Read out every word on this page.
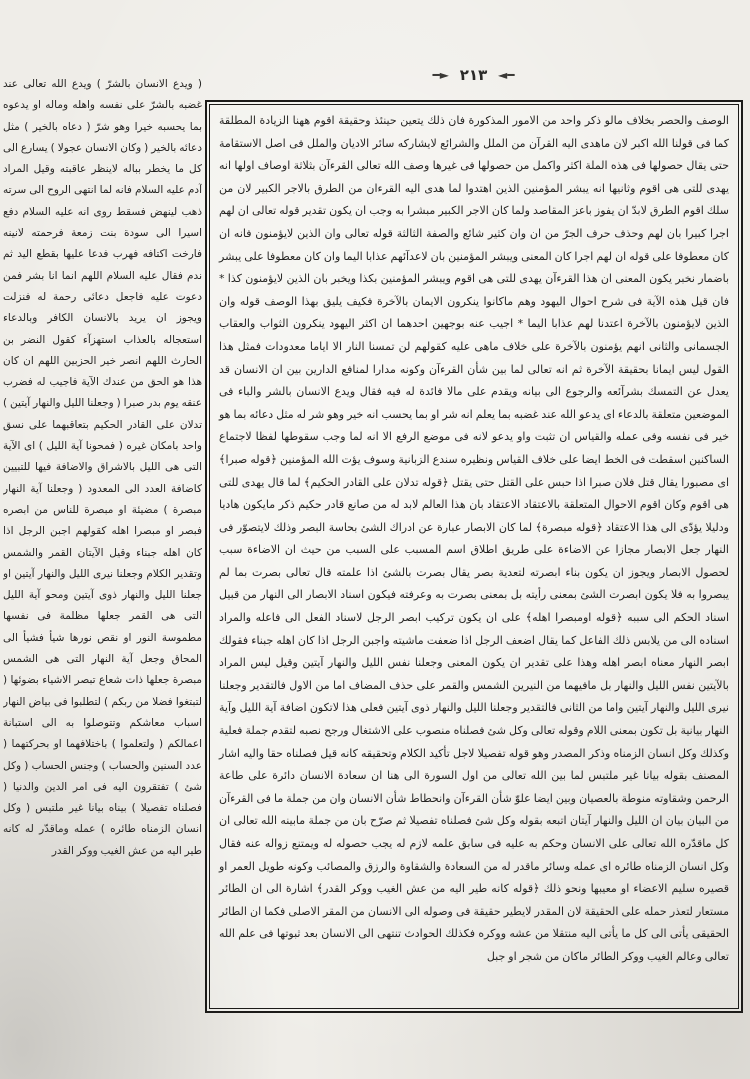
━◄ ٢١٣ ►━
الوصف والحصر بخلاف مالو ذكر واحد من الامور المذكورة فان ذلك يتعين حينئذ وحقيقة اقوم ههنا الزيادة المطلقة كما فى قولنا الله اكبر لان ماهدى اليه القرآن من الملل والشرائع لايشاركه سائر الاديان والملل فى اصل الاستقامة حتى يقال حصولها فى هذه الملة اكثر واكمل من حصولها فى غيرها وصف الله تعالى القرءآن بثلاثة اوصاف اولها انه يهدى للتى هى اقوم وثانيها انه يبشر المؤمنين الذين اهتدوا لما هدى اليه القرءان من الطرق بالاجر الكبير لان من سلك اقوم الطرق لابدّ ان يفوز باعز المقاصد ولما كان الاجر الكبير مبشرا به وجب ان يكون تقدير قوله تعالى ان لهم اجرا كبيرا بان لهم وحذف حرف الجرّ من ان وان كثير شائع والصفة الثالثة قوله تعالى وان الذين لايؤمنون فانه ان كان معطوفا على قوله ان لهم اجرا كان المعنى ويبشر المؤمنين بان لاعدآئهم عذابا اليما وان كان معطوفا على يبشر باضمار نخبر يكون المعنى ان هذا القرءآن يهدى للتى هى اقوم ويبشر المؤمنين بكذا ويخبر بان الذين لايؤمنون كذا * فان قيل هذه الآية فى شرح احوال اليهود وهم ماكانوا ينكرون الايمان بالآخرة فكيف يليق بهذا الوصف قوله وان الذين لايؤمنون بالآخرة اعتدنا لهم عذابا اليما * اجيب عنه بوجهين احدهما ان اكثر اليهود ينكرون الثواب والعقاب الجسمانى والثانى انهم يؤمنون بالآخرة على خلاف ماهى عليه كقولهم لن تمسنا النار الا اياما معدودات فمثل هذا القول ليس ايمانا بحقيقة الآخرة ثم انه تعالى لما بين شأن القرءآن وكونه مدارا لمنافع الدارين بين ان الانسان قد يعدل عن التمسك بشرآئعه والرجوع الى بيانه ويقدم على مالا فائدة له فيه فقال ويدع الانسان بالشر والباء فى الموضعين متعلقة بالدعاء اى يدعو الله عند غضبه بما يعلم انه شر او بما يحسب انه خير وهو شر له مثل دعائه بما هو خير فى نفسه وفى عمله والقياس ان تثبت واو يدعو لانه فى موضع الرفع الا انه لما وجب سقوطها لفظا لاجتماع الساكنين اسقطت فى الخط ايضا على خلاف القياس ونظيره سندع الزبانية وسوف يؤت الله المؤمنين ﴿قوله صبرا﴾ اى مصبورا يقال قتل فلان صبرا اذا حبس على القتل حتى يقتل ﴿قوله تدلان على القادر الحكيم﴾ لما قال يهدى للتى هى اقوم وكان اقوم الاحوال المتعلقة بالاعتقاد الاعتقاد بان هذا العالم لابد له من صانع قادر حكيم ذكر مايكون هاديا ودليلا يؤدّى الى هذا الاعتقاد ﴿قوله مبصرة﴾ لما كان الابصار عبارة عن ادراك الشئ بحاسة البصر وذلك لايتصوّر فى النهار جعل الابصار مجازا عن الاضاءة على طريق اطلاق اسم المسبب على السبب من حيث ان الاضاءة سبب لحصول الابصار ويجوز ان يكون بناء ابصرته لتعدية بصر يقال بصرت بالشئ اذا علمته قال تعالى بصرت بما لم يبصروا به فلا يكون ابصرت الشئ بمعنى رأيته بل بمعنى بصرت به وعرفته فيكون اسناد الابصار الى النهار من قبيل اسناد الحكم الى سببه ﴿قوله اومبصرا اهله﴾ على ان يكون تركيب ابصر الرجل لاسناد الفعل الى فاعله والمراد اسناده الى من يلابس ذلك الفاعل كما يقال اضعف الرجل اذا ضعفت ماشيته واجبن الرجل اذا كان اهله جبناء فقولك ابصر النهار معناه ابصر اهله وهذا على تقدير ان يكون المعنى وجعلنا نفس الليل والنهار آيتين وقيل ليس المراد بالآيتين نفس الليل والنهار بل مافيهما من النيرين الشمس والقمر على حذف المضاف اما من الاول فالتقدير وجعلنا نيرى الليل والنهار آيتين واما من الثانى فالتقدير وجعلنا الليل والنهار ذوى آيتين فعلى هذا لاتكون اضافة آية الليل وآية النهار بيانية بل تكون بمعنى اللام وقوله تعالى وكل شئ فصلناه منصوب على الاشتغال ورجح نصبه لتقدم جملة فعلية وكذلك وكل انسان الزمناه وذكر المصدر وهو قوله تفصيلا لاجل تأكيد الكلام وتحقيقه كانه قيل فصلناه حقا واليه اشار المصنف بقوله بيانا غير ملتبس لما بين الله تعالى من اول السورة الى هنا ان سعادة الانسان دائرة على طاعة الرحمن وشقاوته منوطة بالعصيان وبين ايضا علوّ شأن القرءآن وانحطاط شأن الانسان وان من جملة ما فى القرءآن من البيان بيان ان الليل والنهار آيتان اتبعه بقوله وكل شئ فصلناه تفصيلا ثم صرّح بان من جملة مابينه الله تعالى ان كل ماقدّره الله تعالى على الانسان وحكم به عليه فى سابق علمه لازم له يجب حصوله له ويمتنع زواله عنه فقال وكل انسان الزمناه طائره اى عمله وسائر ماقدر له من السعادة والشقاوة والرزق والمصائب وكونه طويل العمر او قصيره سليم الاعضاء او معيبها ونحو ذلك ﴿قوله كانه طير اليه من عش الغيب ووكر القدر﴾ اشارة الى ان الطائر مستعار لتعذر حمله على الحقيقة لان المقدر لايطير حقيقة فى وصوله الى الانسان من المقر الاصلى فكما ان الطائر الحقيقى يأتى الى كل ما يأتى اليه منتقلا من عشه ووكره فكذلك الحوادث تنتهى الى الانسان بعد ثبوتها فى علم الله تعالى وعالم الغيب ووكر الطائر ماكان من شجر او جبل
( ويدع الانسان بالشرّ ) ويدع الله تعالى عند غضبه بالشرّ على نفسه واهله وماله او يدعوه بما يحسبه خيرا وهو شرّ ( دعاه بالخير ) مثل دعائه بالخير ( وكان الانسان عجولا ) يسارع الى كل ما يخطر بباله لاينظر عاقبته وقيل المراد آدم عليه السلام فانه لما انتهى الروح الى سرته ذهب لينهض فسقط روى انه عليه السلام دفع اسيرا الى سودة بنت زمعة فرحمته لانينه فارخت اكتافه فهرب فدعا عليها بقطع اليد ثم ندم فقال عليه السلام اللهم انما انا بشر فمن دعوت عليه فاجعل دعائى رحمة له فنزلت ويجوز ان يريد بالانسان الكافر وبالدعاء استعجاله بالعذاب استهزآء كقول النضر بن الحارث اللهم انصر خير الحزبين اللهم ان كان هذا هو الحق من عندك الآية فاجيب له فضرب عنقه يوم بدر صبرا ( وجعلنا الليل والنهار آيتين ) تدلان على القادر الحكيم بتعاقبهما على نسق واحد بامكان غيره ( فمحونا آية الليل ) اى الآية التى هى الليل بالاشراق والاضافة فيها للتبيين كاضافة العدد الى المعدود ( وجعلنا آية النهار مبصرة ) مضيئة او مبصرة للناس من ابصره فبصر او مبصرا اهله كقولهم اجبن الرجل اذا كان اهله جبناء وقيل الآيتان القمر والشمس وتقدير الكلام وجعلنا نيرى الليل والنهار آيتين او جعلنا الليل والنهار ذوى آيتين ومحو آية الليل التى هى القمر جعلها مظلمة فى نفسها مطموسة النور او نقص نورها شيأ فشيأ الى المحاق وجعل آية النهار التى هى الشمس مبصرة جعلها ذات شعاع تبصر الاشياء بضوئها ( لتبتغوا فضلا من ربكم ) لتطلبوا فى بياض النهار اسباب معاشكم وتتوصلوا به الى استبانة اعمالكم ( ولتعلموا ) باختلافهما او بحركتهما ( عدد السنين والحساب ) وجنس الحساب ( وكل شئ ) تفتقرون اليه فى امر الدين والدنيا ( فصلناه تفصيلا ) بيناه بيانا غير ملتبس ( وكل انسان الزمناه طائره ) عمله وماقدّر له كانه طير اليه من عش الغيب ووكر القدر
